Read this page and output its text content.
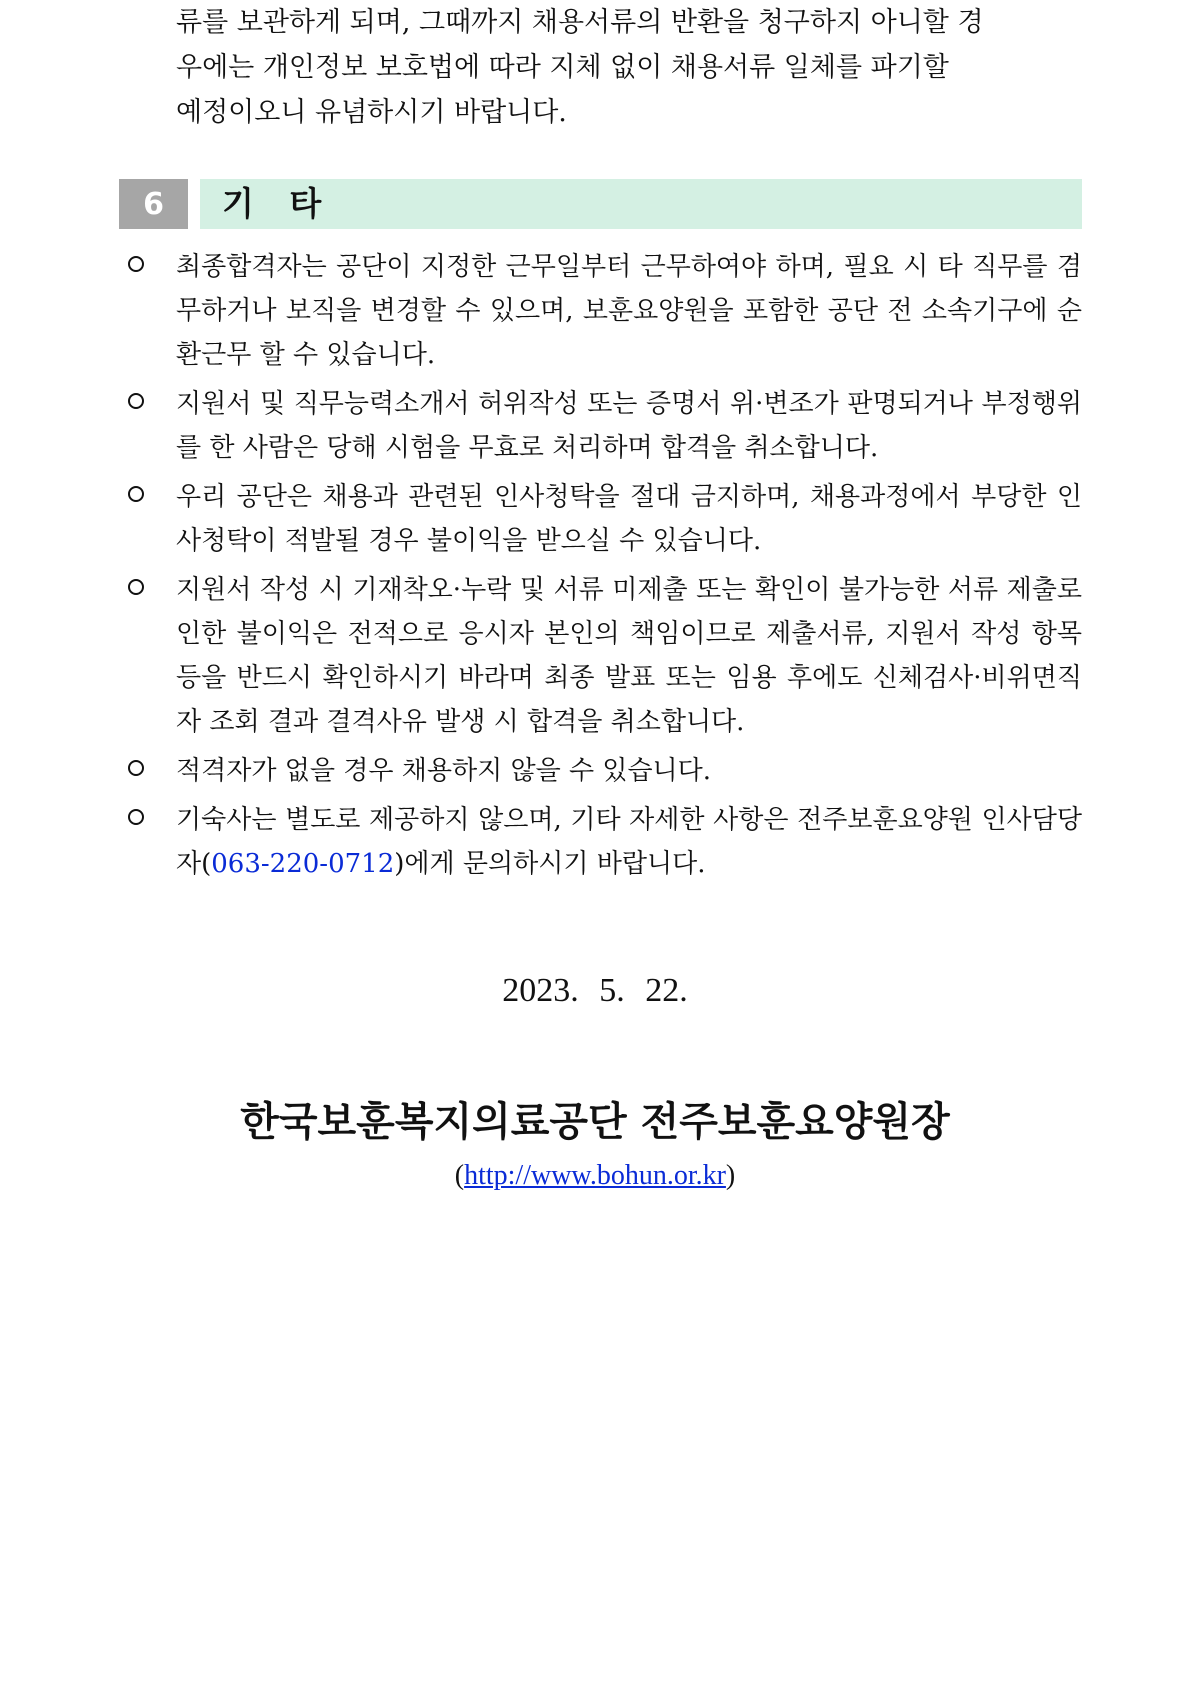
류를 보관하게 되며, 그때까지 채용서류의 반환을 청구하지 아니할 경

우에는 개인정보 보호법에 따라 지체 없이 채용서류 일체를 파기할

예정이오니 유념하시기 바랍니다.

6	기 타
최종합격자는 공단이 지정한 근무일부터 근무하여야 하며, 필요 시 타 직무를 겸무하거나 보직을 변경할 수 있으며, 보훈요양원을 포함한 공단 전 소속기구에 순환근무 할 수 있습니다.
지원서 및 직무능력소개서 허위작성 또는 증명서 위·변조가 판명되거나 부정행위를 한 사람은 당해 시험을 무효로 처리하며 합격을 취소합니다.
우리 공단은 채용과 관련된 인사청탁을 절대 금지하며, 채용과정에서 부당한 인사청탁이 적발될 경우 불이익을 받으실 수 있습니다.
지원서 작성 시 기재착오·누락 및 서류 미제출 또는 확인이 불가능한 서류 제출로 인한 불이익은 전적으로 응시자 본인의 책임이므로 제출서류, 지원서 작성 항목 등을 반드시 확인하시기 바라며 최종 발표 또는 임용 후에도 신체검사·비위면직자 조회 결과 결격사유 발생 시 합격을 취소합니다.
적격자가 없을 경우 채용하지 않을 수 있습니다.
기숙사는 별도로 제공하지 않으며, 기타 자세한 사항은 전주보훈요양원 인사담당자(063-220-0712)에게 문의하시기 바랍니다.
2023. 5. 22.
한국보훈복지의료공단 전주보훈요양원장
(http://www.bohun.or.kr)
